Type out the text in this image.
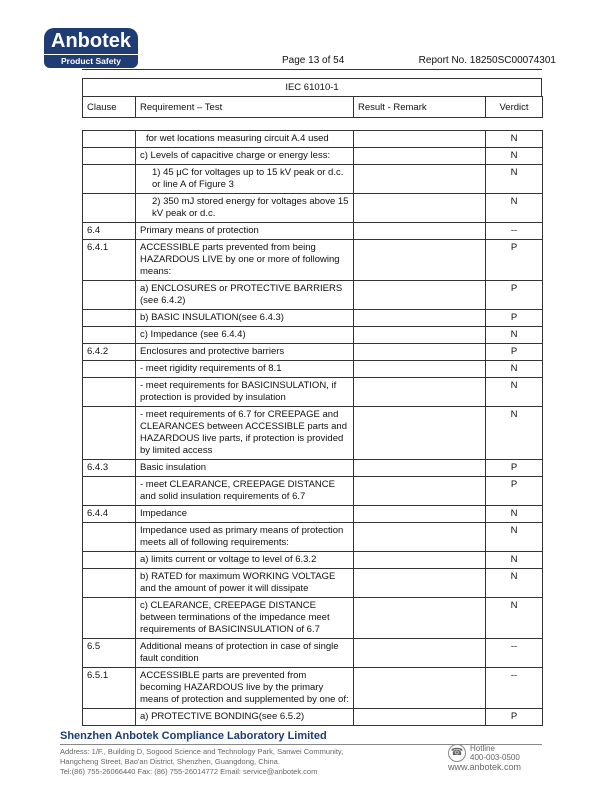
Anbotek
Product Safety	Page 13 of 54	Report No. 18250SC00074301
IEC 61010-1
Clause	Requirement – Test	Result - Remark	Verdict
	for wet locations measuring circuit A.4 used		N
	c) Levels of capacitive charge or energy less:		N
	1) 45 μC for voltages up to 15 kV peak or d.c. or line A of Figure 3		N
	2) 350 mJ stored energy for voltages above 15 kV peak or d.c.		N
6.4	Primary means of protection		--
6.4.1	ACCESSIBLE parts prevented from being HAZARDOUS LIVE by one or more of following means:		P
	a) ENCLOSURES or PROTECTIVE BARRIERS (see 6.4.2)		P
	b) BASIC INSULATION(see 6.4.3)		P
	c) Impedance (see 6.4.4)		N
6.4.2	Enclosures and protective barriers		P
	- meet rigidity requirements of 8.1		N
	- meet requirements for BASICINSULATION, if protection is provided by insulation		N
	- meet requirements of 6.7 for CREEPAGE and CLEARANCES between ACCESSIBLE parts and HAZARDOUS live parts, if protection is provided by limited access		N
6.4.3	Basic insulation		P
	- meet CLEARANCE, CREEPAGE DISTANCE and solid insulation requirements of 6.7		P
6.4.4	Impedance		N
	Impedance used as primary means of protection meets all of following requirements:		N
	a) limits current or voltage to level of 6.3.2		N
	b) RATED for maximum WORKING VOLTAGE and the amount of power it will dissipate		N
	c) CLEARANCE, CREEPAGE DISTANCE between terminations of the impedance meet requirements of BASICINSULATION of 6.7		N
6.5	Additional means of protection in case of single fault condition		--
6.5.1	ACCESSIBLE parts are prevented from becoming HAZARDOUS live by the primary means of protection and supplemented by one of:		--
	a) PROTECTIVE BONDING(see 6.5.2)		P
Shenzhen Anbotek Compliance Laboratory Limited
Address: 1/F., Building D, Sogood Science and Technology Park, Sanwei Community,
Hangcheng Street, Bao'an District, Shenzhen, Guangdong, China.
Tel:(86) 755-26066440 Fax: (86) 755-26014772 Email: service@anbotek.com
☎ Hotline
400-003-0500
www.anbotek.com
